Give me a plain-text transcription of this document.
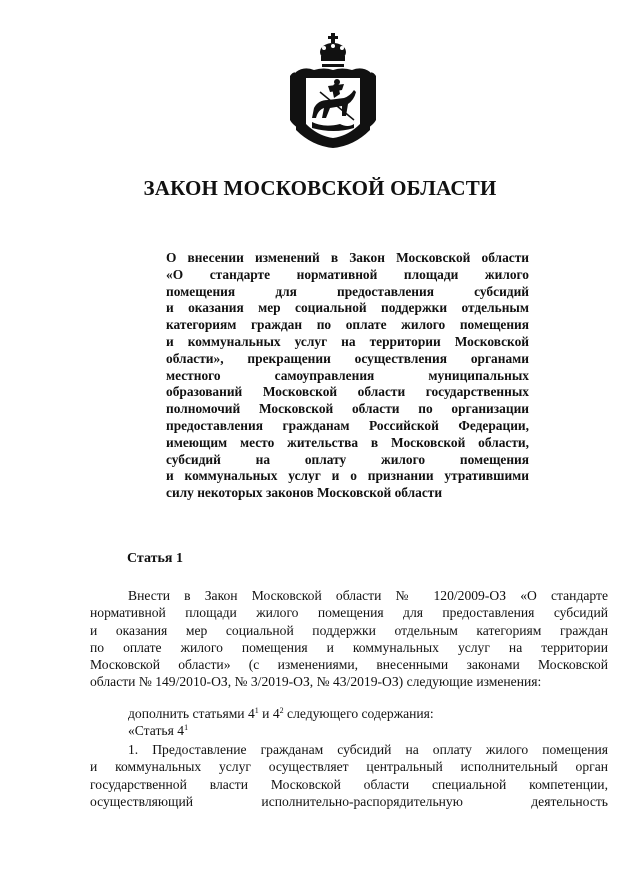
ЗАКОН МОСКОВСКОЙ ОБЛАСТИ
О внесении изменений в Закон Московской области
«О стандарте нормативной площади жилого
помещения для предоставления субсидий
и оказания мер социальной поддержки отдельным
категориям граждан по оплате жилого помещения
и коммунальных услуг на территории Московской
области», прекращении осуществления органами
местного самоуправления муниципальных
образований Московской области государственных
полномочий Московской области по организации
предоставления гражданам Российской Федерации,
имеющим место жительства в Московской области,
субсидий на оплату жилого помещения
и коммунальных услуг и о признании утратившими
силу некоторых законов Московской области
Статья 1
Внести в Закон Московской области № 120/2009-ОЗ «О стандарте
нормативной площади жилого помещения для предоставления субсидий
и оказания мер социальной поддержки отдельным категориям граждан
по оплате жилого помещения и коммунальных услуг на территории
Московской области» (с изменениями, внесенными законами Московской
области № 149/2010-ОЗ, № 3/2019-ОЗ, № 43/2019-ОЗ) следующие изменения:
дополнить статьями $4^1$ и $4^2$ следующего содержания:
«Статья $4^1$
1. Предоставление гражданам субсидий на оплату жилого помещения
и коммунальных услуг осуществляет центральный исполнительный орган
государственной власти Московской области специальной компетенции,
осуществляющий исполнительно-распорядительную деятельность
